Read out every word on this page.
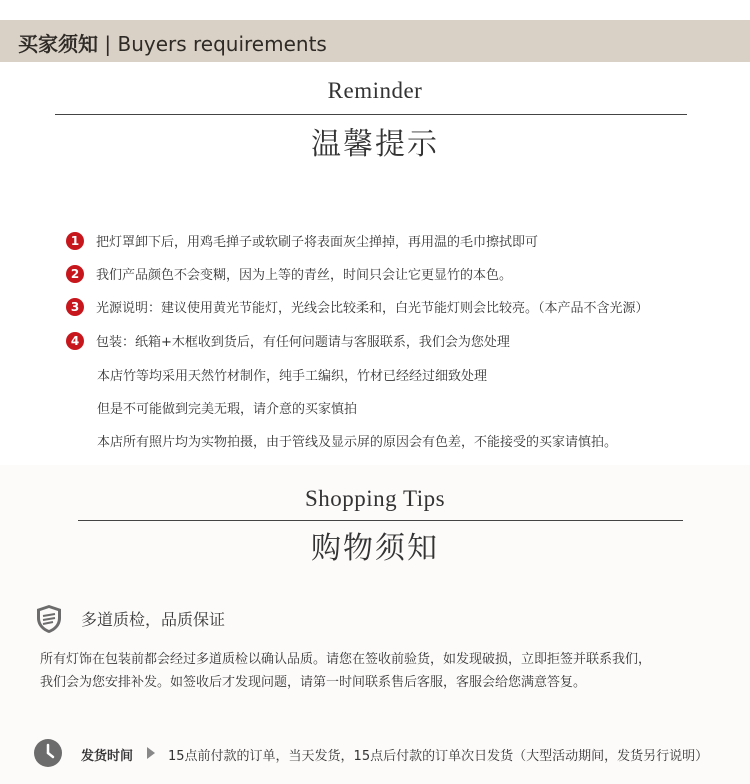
买家须知 | Buyers requirements
Reminder
温馨提示
1 把灯罩卸下后，用鸡毛掸子或软刷子将表面灰尘掸掉，再用温的毛巾擦拭即可
2 我们产品颜色不会变糊，因为上等的青丝，时间只会让它更显竹的本色。
3 光源说明：建议使用黄光节能灯，光线会比较柔和，白光节能灯则会比较亮。（本产品不含光源）
4 包装：纸箱+木框收到货后，有任何问题请与客服联系，我们会为您处理
本店竹等均采用天然竹材制作，纯手工编织，竹材已经经过细致处理
但是不可能做到完美无瑕，请介意的买家慎拍
本店所有照片均为实物拍摄，由于管线及显示屏的原因会有色差，不能接受的买家请慎拍。
Shopping Tips
购物须知
多道质检，品质保证
所有灯饰在包装前都会经过多道质检以确认品质。请您在签收前验货，如发现破损，立即拒签并联系我们，
我们会为您安排补发。如签收后才发现问题，请第一时间联系售后客服，客服会给您满意答复。
发货时间	15点前付款的订单，当天发货，15点后付款的订单次日发货（大型活动期间，发货另行说明）
